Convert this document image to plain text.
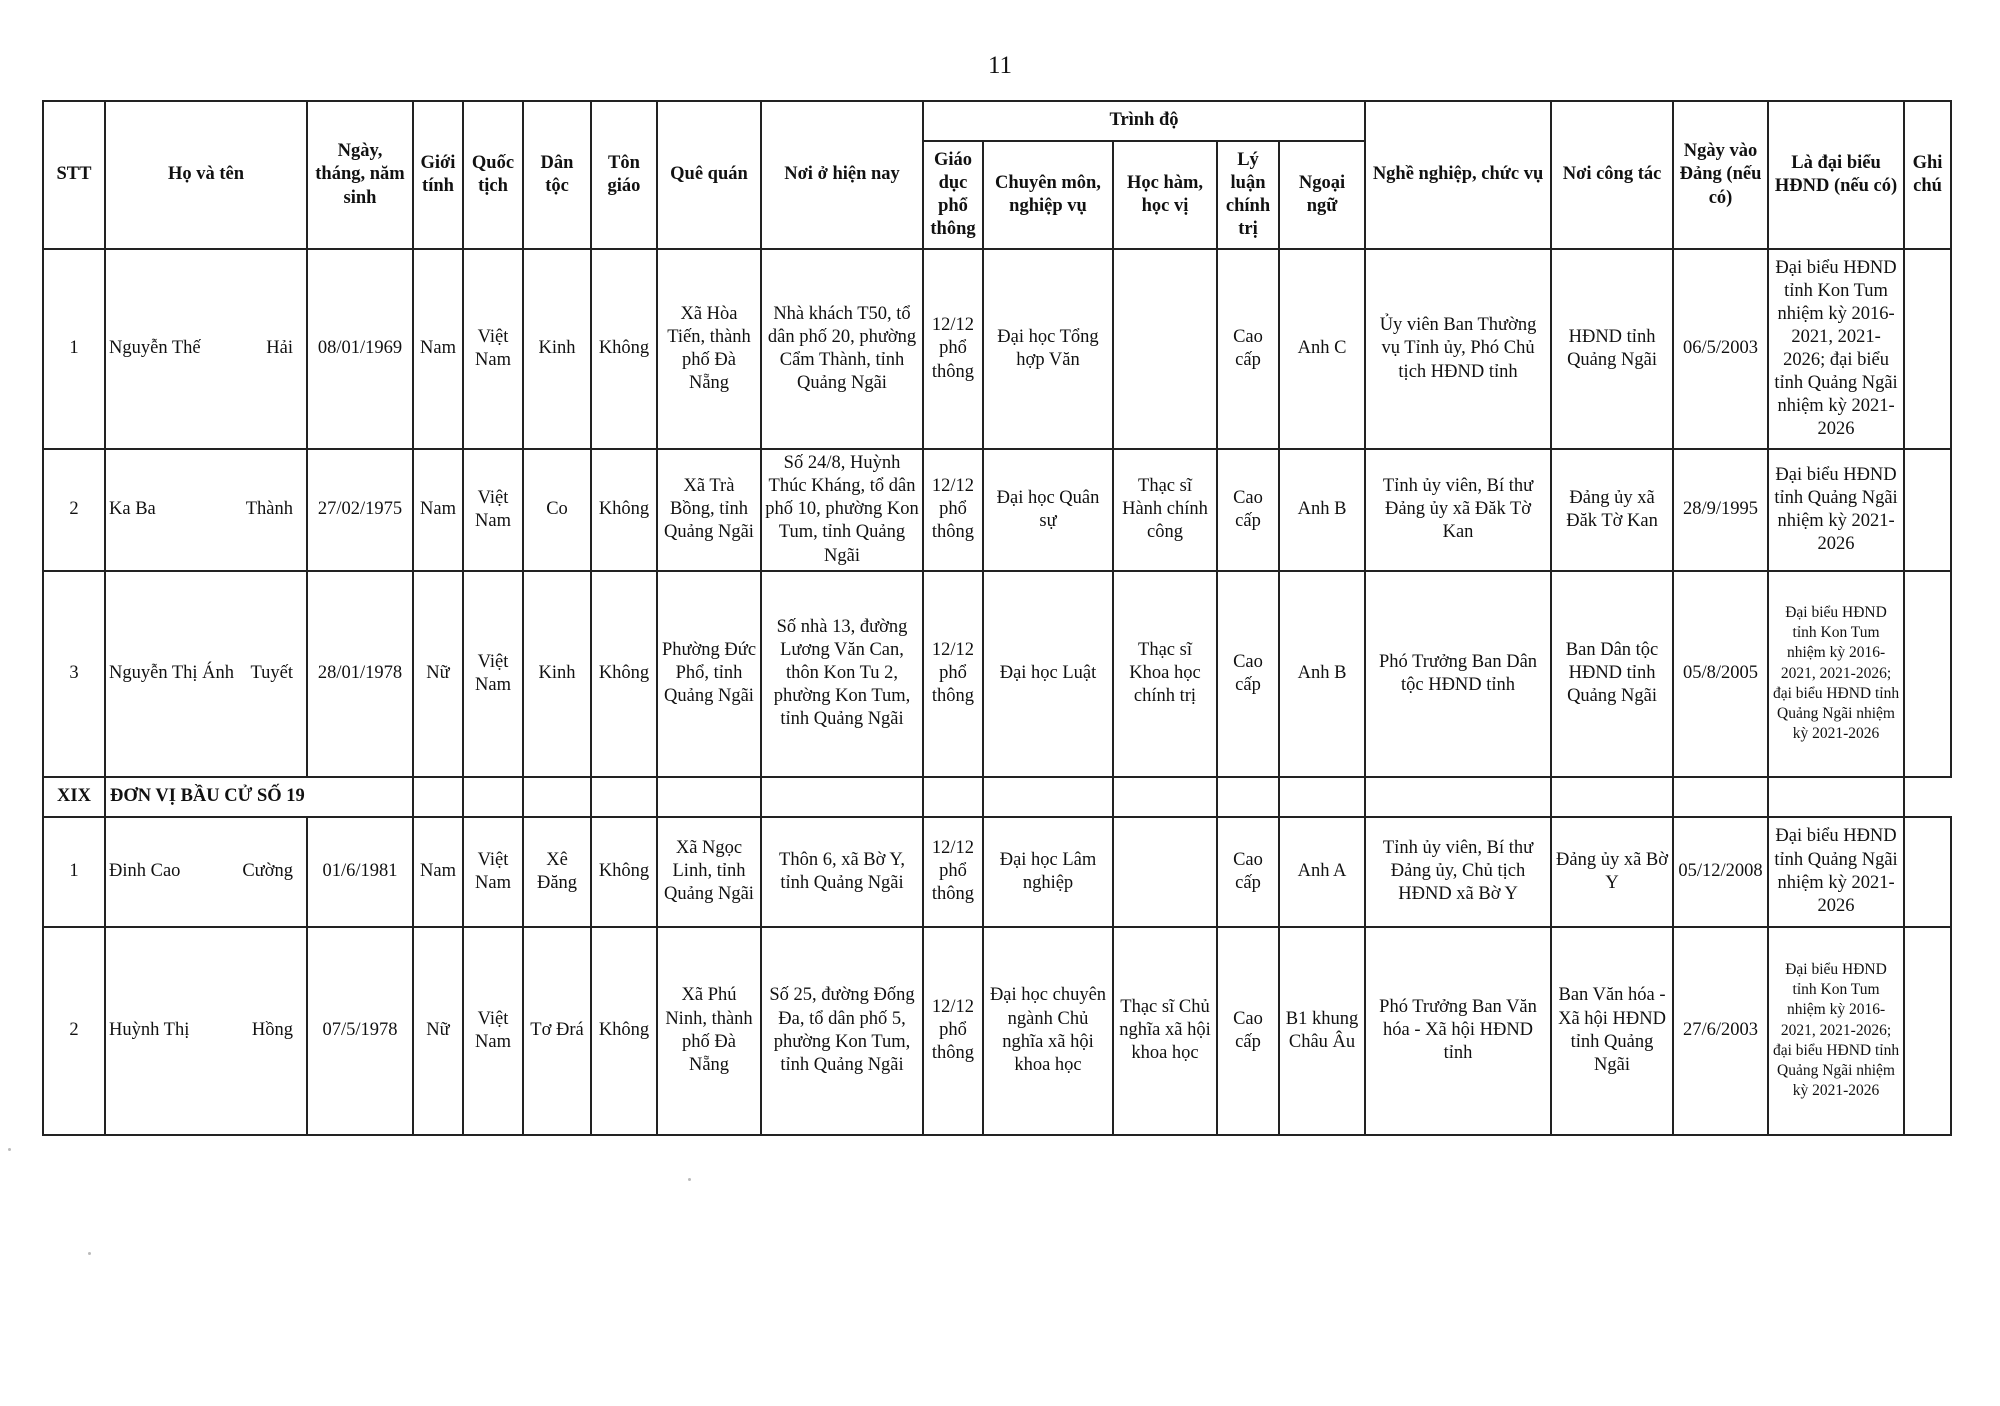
11
STT	Họ và tên	Ngày, tháng, năm sinh	Giới tính	Quốc tịch	Dân tộc	Tôn giáo	Quê quán	Nơi ở hiện nay	Trình độ					Nghề nghiệp, chức vụ	Nơi công tác	Ngày vào Đảng (nếu có)	Là đại biểu HĐND (nếu có)	Ghi chú
									Giáo dục phổ thông	Chuyên môn, nghiệp vụ	Học hàm, học vị	Lý luận chính trị	Ngoại ngữ					
1	Nguyễn Thế Hải	08/01/1969	Nam	Việt Nam	Kinh	Không	Xã Hòa Tiến, thành phố Đà Nẵng	Nhà khách T50, tổ dân phố 20, phường Cẩm Thành, tỉnh Quảng Ngãi	12/12 phổ thông	Đại học Tổng hợp Văn		Cao cấp	Anh C	Ủy viên Ban Thường vụ Tỉnh ủy, Phó Chủ tịch HĐND tỉnh	HĐND tỉnh Quảng Ngãi	06/5/2003	Đại biểu HĐND tỉnh Kon Tum nhiệm kỳ 2016-2021, 2021-2026; đại biểu tỉnh Quảng Ngãi nhiệm kỳ 2021-2026	
2	Ka Ba Thành	27/02/1975	Nam	Việt Nam	Co	Không	Xã Trà Bồng, tỉnh Quảng Ngãi	Số 24/8, Huỳnh Thúc Kháng, tổ dân phố 10, phường Kon Tum, tỉnh Quảng Ngãi	12/12 phổ thông	Đại học Quân sự	Thạc sĩ Hành chính công	Cao cấp	Anh B	Tỉnh ủy viên, Bí thư Đảng ủy xã Đăk Tờ Kan	Đảng ủy xã Đăk Tờ Kan	28/9/1995	Đại biểu HĐND tỉnh Quảng Ngãi nhiệm kỳ 2021-2026	
3	Nguyễn Thị Ánh Tuyết	28/01/1978	Nữ	Việt Nam	Kinh	Không	Phường Đức Phổ, tỉnh Quảng Ngãi	Số nhà 13, đường Lương Văn Can, thôn Kon Tu 2, phường Kon Tum, tỉnh Quảng Ngãi	12/12 phổ thông	Đại học Luật	Thạc sĩ Khoa học chính trị	Cao cấp	Anh B	Phó Trưởng Ban Dân tộc HĐND tỉnh	Ban Dân tộc HĐND tỉnh Quảng Ngãi	05/8/2005	Đại biểu HĐND tỉnh Kon Tum nhiệm kỳ 2016-2021, 2021-2026; đại biểu HĐND tỉnh Quảng Ngãi nhiệm kỳ 2021-2026	
XIX	ĐƠN VỊ BẦU CỬ SỐ 19																	
1	Đinh Cao Cường	01/6/1981	Nam	Việt Nam	Xê Đăng	Không	Xã Ngọc Linh, tỉnh Quảng Ngãi	Thôn 6, xã Bờ Y, tỉnh Quảng Ngãi	12/12 phổ thông	Đại học Lâm nghiệp		Cao cấp	Anh A	Tỉnh ủy viên, Bí thư Đảng ủy, Chủ tịch HĐND xã Bờ Y	Đảng ủy xã Bờ Y	05/12/2008	Đại biểu HĐND tỉnh Quảng Ngãi nhiệm kỳ 2021-2026	
2	Huỳnh Thị Hồng	07/5/1978	Nữ	Việt Nam	Tơ Đrá	Không	Xã Phú Ninh, thành phố Đà Nẵng	Số 25, đường Đống Đa, tổ dân phố 5, phường Kon Tum, tỉnh Quảng Ngãi	12/12 phổ thông	Đại học chuyên ngành Chủ nghĩa xã hội khoa học	Thạc sĩ Chủ nghĩa xã hội khoa học	Cao cấp	B1 khung Châu Âu	Phó Trưởng Ban Văn hóa - Xã hội HĐND tỉnh	Ban Văn hóa - Xã hội HĐND tỉnh Quảng Ngãi	27/6/2003	Đại biểu HĐND tỉnh Kon Tum nhiệm kỳ 2016-2021, 2021-2026; đại biểu HĐND tỉnh Quảng Ngãi nhiệm kỳ 2021-2026	
